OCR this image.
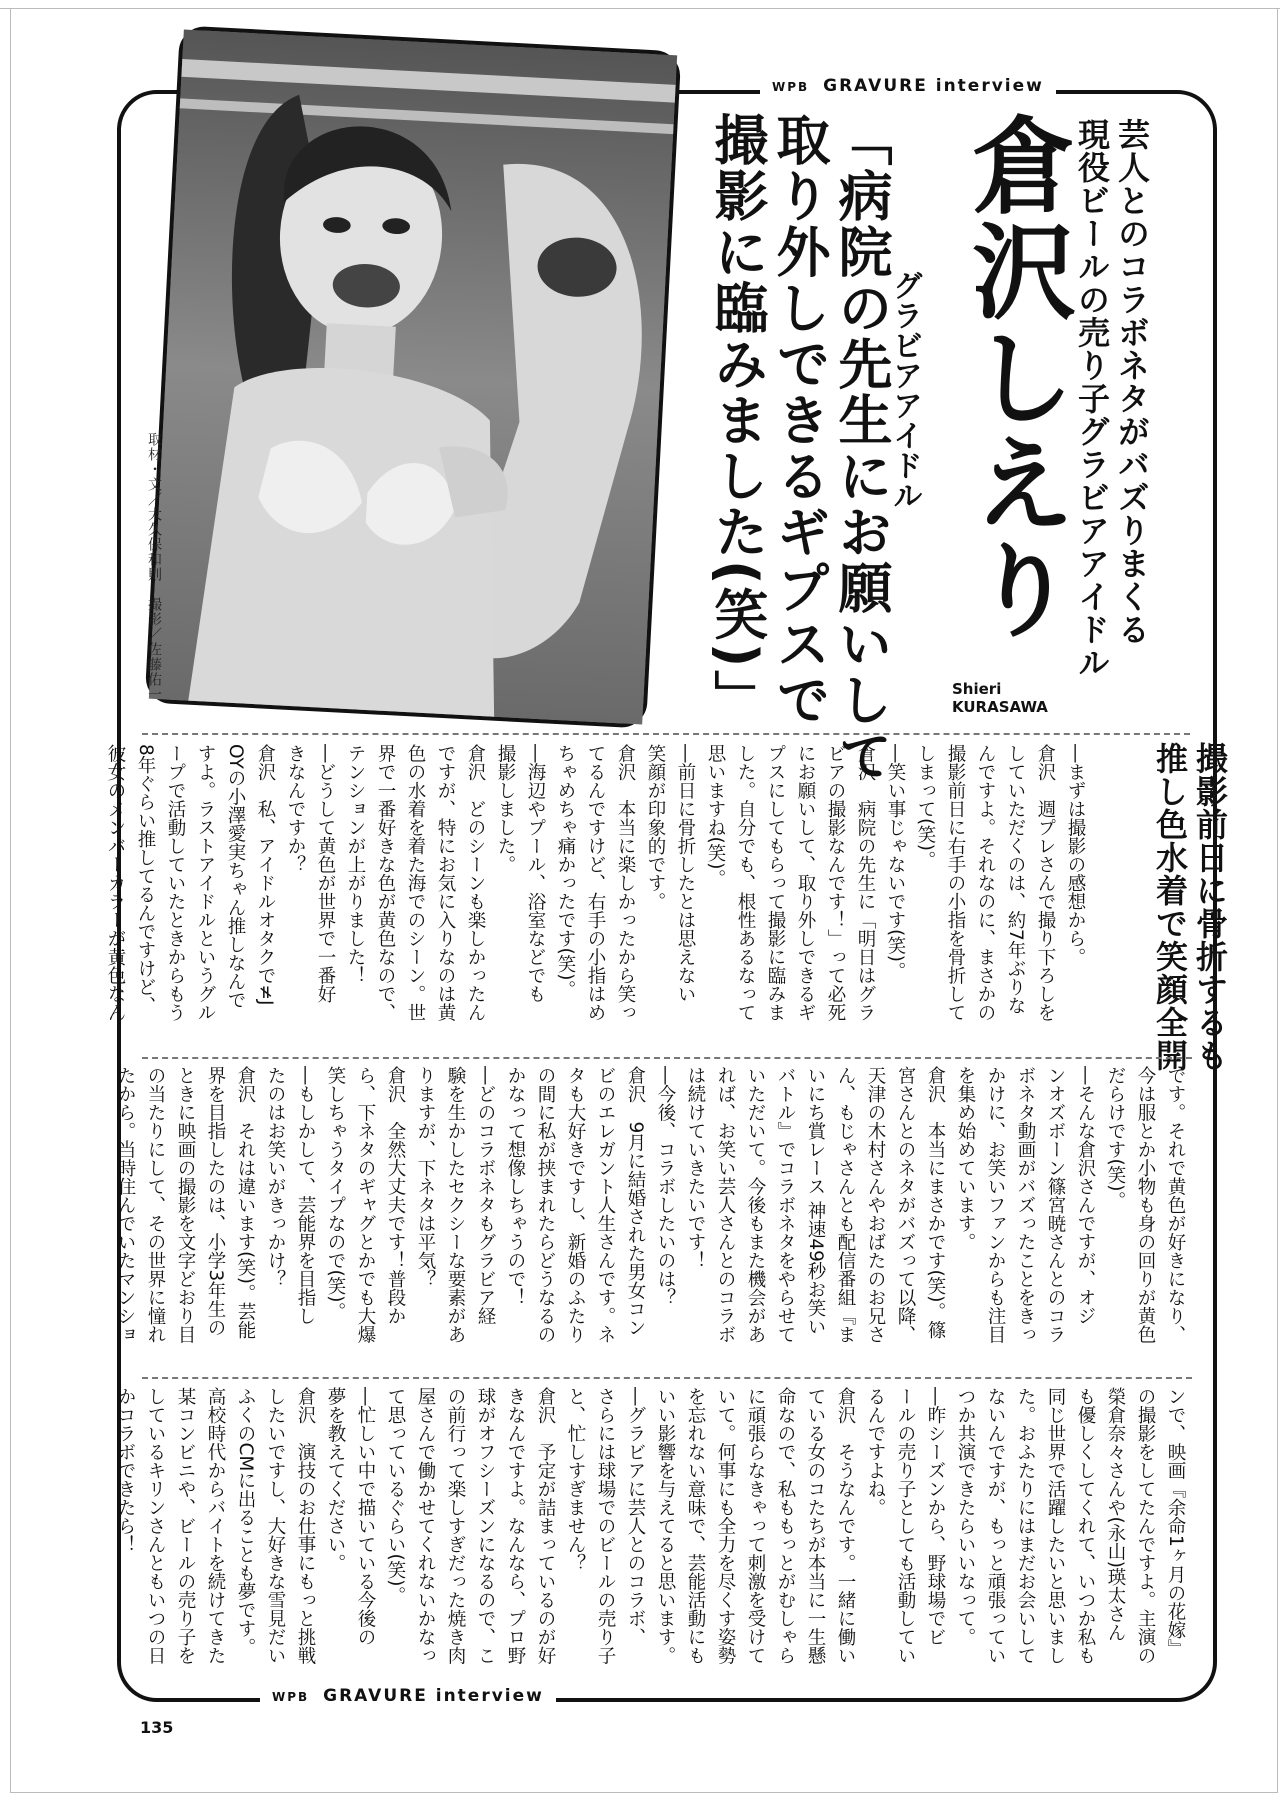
WPB GRAVURE interview
取材・文／大久保和則　撮影／佐藤佑一	芸人とのコラボネタがバズりまくる
現役ビールの売り子グラビアアイドル
倉沢しえり
グラビアアイドル
「病院の先生にお願いして
取り外しできるギプスで
撮影に臨みました(笑)」	Shieri
KURASAWA
撮影前日に骨折するも
推し色水着で笑顔全開

―まずは撮影の感想から。

倉沢　週プレさんで撮り下ろしを

していただくのは、約7年ぶりな

んですよ。それなのに、まさかの

撮影前日に右手の小指を骨折して

しまって(笑)。

―笑い事じゃないです(笑)。

倉沢　病院の先生に「明日はグラ

ビアの撮影なんです！」って必死

にお願いして、取り外しできるギ

プスにしてもらって撮影に臨みま

した。自分でも、根性あるなって

思いますね(笑)。

―前日に骨折したとは思えない

笑顔が印象的です。

倉沢　本当に楽しかったから笑っ

てるんですけど、右手の小指はめ

ちゃめちゃ痛かったです(笑)。

―海辺やプール、浴室などでも

撮影しました。

倉沢　どのシーンも楽しかったん

ですが、特にお気に入りなのは黄

色の水着を着た海でのシーン。世

界で一番好きな色が黄色なので、

テンションが上がりました！

―どうして黄色が世界で一番好

きなんですか？

倉沢　私、アイドルオタクで≠J

OYの小澤愛実ちゃん推しなんで

すよ。ラストアイドルというグル

ープで活動していたときからもう

8年ぐらい推してるんですけど、

彼女のメンバーカラーが黄色なん

です。それで黄色が好きになり、

今は服とか小物も身の回りが黄色

だらけです(笑)。

―そんな倉沢さんですが、オジ

ンオズボーン篠宮暁さんとのコラ

ボネタ動画がバズったことをきっ

かけに、お笑いファンからも注目

を集め始めています。

倉沢　本当にまさかです(笑)。篠

宮さんとのネタがバズって以降、

天津の木村さんやおばたのお兄さ

ん、もじゃさんとも配信番組『ま

いにち賞レース 神速49秒お笑い

バトル』でコラボネタをやらせて

いただいて。今後もまた機会があ

れば、お笑い芸人さんとのコラボ

は続けていきたいです！

―今後、コラボしたいのは？

倉沢　9月に結婚された男女コン

ビのエレガント人生さんです。ネ

タも大好きですし、新婚のふたり

の間に私が挟まれたらどうなるの

かなって想像しちゃうので！

―どのコラボネタもグラビア経

験を生かしたセクシーな要素があ

りますが、下ネタは平気？

倉沢　全然大丈夫です！普段か

ら、下ネタのギャグとかでも大爆

笑しちゃうタイプなので(笑)。

―もしかして、芸能界を目指し

たのはお笑いがきっかけ？

倉沢　それは違います(笑)。芸能

界を目指したのは、小学3年生の

ときに映画の撮影を文字どおり目

の当たりにして、その世界に憧れ

たから。当時住んでいたマンショ

ンで、映画『余命1ヶ月の花嫁』

の撮影をしてたんですよ。主演の

榮倉奈々さんや(永山)瑛太さん

も優しくしてくれて、いつか私も

同じ世界で活躍したいと思いまし

た。おふたりにはまだお会いして

ないんですが、もっと頑張ってい

つか共演できたらいいなって。

―昨シーズンから、野球場でビ

ールの売り子としても活動してい

るんですよね。

倉沢　そうなんです。一緒に働い

ている女のコたちが本当に一生懸

命なので、私ももっとがむしゃら

に頑張らなきゃって刺激を受けて

いて。何事にも全力を尽くす姿勢

を忘れない意味で、芸能活動にも

いい影響を与えてると思います。

―グラビアに芸人とのコラボ、

さらには球場でのビールの売り子

と、忙しすぎません？

倉沢　予定が詰まっているのが好

きなんですよ。なんなら、プロ野

球がオフシーズンになるので、こ

の前行って楽しすぎだった焼き肉

屋さんで働かせてくれないかなっ

て思っているぐらい(笑)。

―忙しい中で描いている今後の

夢を教えてください。

倉沢　演技のお仕事にもっと挑戦

したいですし、大好きな雪見だい

ふくのCMに出ることも夢です。

高校時代からバイトを続けてきた

某コンビニや、ビールの売り子を

しているキリンさんともいつの日

かコラボできたら！

WPB GRAVURE interview
135
